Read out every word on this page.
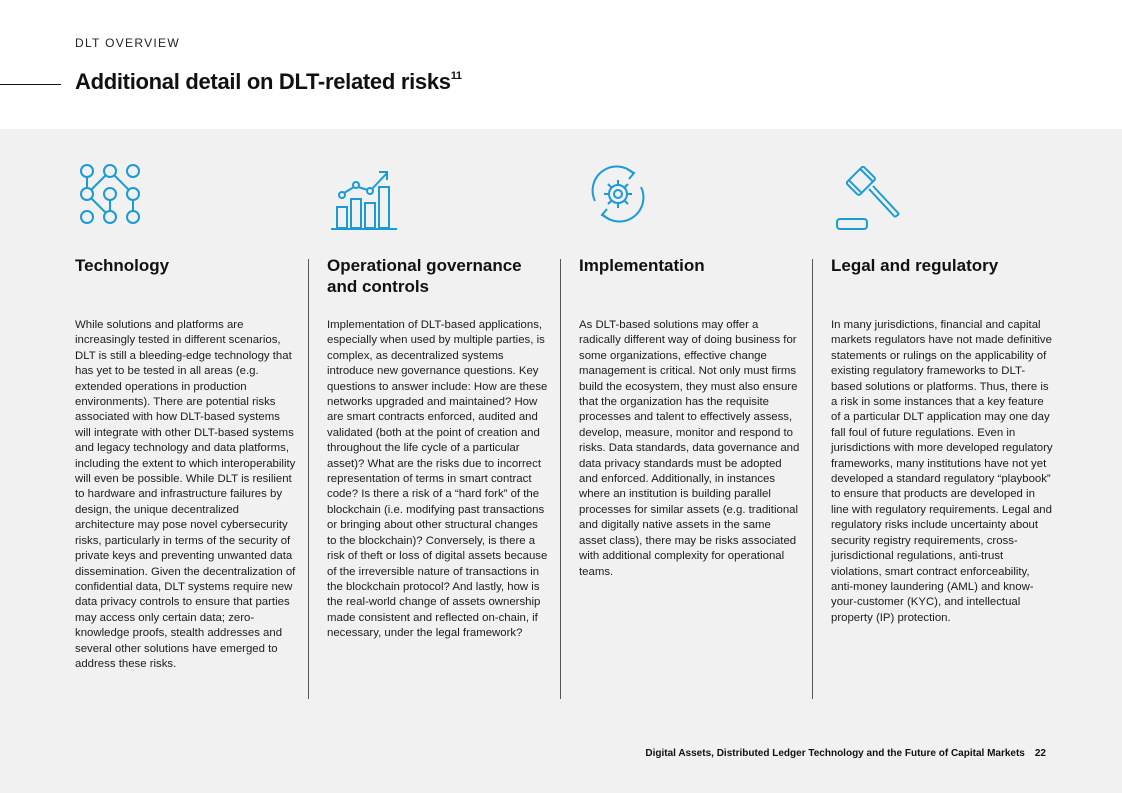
DLT OVERVIEW
Additional detail on DLT-related risks$^{11}$
Technology

While solutions and platforms are increasingly tested in different scenarios, DLT is still a bleeding-edge technology that has yet to be tested in all areas (e.g. extended operations in production environments). There are potential risks associated with how DLT-based systems will integrate with other DLT-based systems and legacy technology and data platforms, including the extent to which interoperability will even be possible. While DLT is resilient to hardware and infrastructure failures by design, the unique decentralized architecture may pose novel cybersecurity risks, particularly in terms of the security of private keys and preventing unwanted data dissemination. Given the decentralization of confidential data, DLT systems require new data privacy controls to ensure that parties may access only certain data; zero-knowledge proofs, stealth addresses and several other solutions have emerged to address these risks.

Operational governance and controls

Implementation of DLT-based applications, especially when used by multiple parties, is complex, as decentralized systems introduce new governance questions. Key questions to answer include: How are these networks upgraded and maintained? How are smart contracts enforced, audited and validated (both at the point of creation and throughout the life cycle of a particular asset)? What are the risks due to incorrect representation of terms in smart contract code? Is there a risk of a “hard fork” of the blockchain (i.e. modifying past transactions or bringing about other structural changes to the blockchain)? Conversely, is there a risk of theft or loss of digital assets because of the irreversible nature of transactions in the blockchain protocol? And lastly, how is the real-world change of assets ownership made consistent and reflected on-chain, if necessary, under the legal framework?

Implementation

As DLT-based solutions may offer a radically different way of doing business for some organizations, effective change management is critical. Not only must firms build the ecosystem, they must also ensure that the organization has the requisite processes and talent to effectively assess, develop, measure, monitor and respond to risks. Data standards, data governance and data privacy standards must be adopted and enforced. Additionally, in instances where an institution is building parallel processes for similar assets (e.g. traditional and digitally native assets in the same asset class), there may be risks associated with additional complexity for operational teams.

Legal and regulatory

In many jurisdictions, financial and capital markets regulators have not made definitive statements or rulings on the applicability of existing regulatory frameworks to DLT-based solutions or platforms. Thus, there is a risk in some instances that a key feature of a particular DLT application may one day fall foul of future regulations. Even in jurisdictions with more developed regulatory frameworks, many institutions have not yet developed a standard regulatory “playbook” to ensure that products are developed in line with regulatory requirements. Legal and regulatory risks include uncertainty about security registry requirements, cross-jurisdictional regulations, anti-trust violations, smart contract enforceability, anti-money laundering (AML) and know-your-customer (KYC), and intellectual property (IP) protection.

Digital Assets, Distributed Ledger Technology and the Future of Capital Markets 22
